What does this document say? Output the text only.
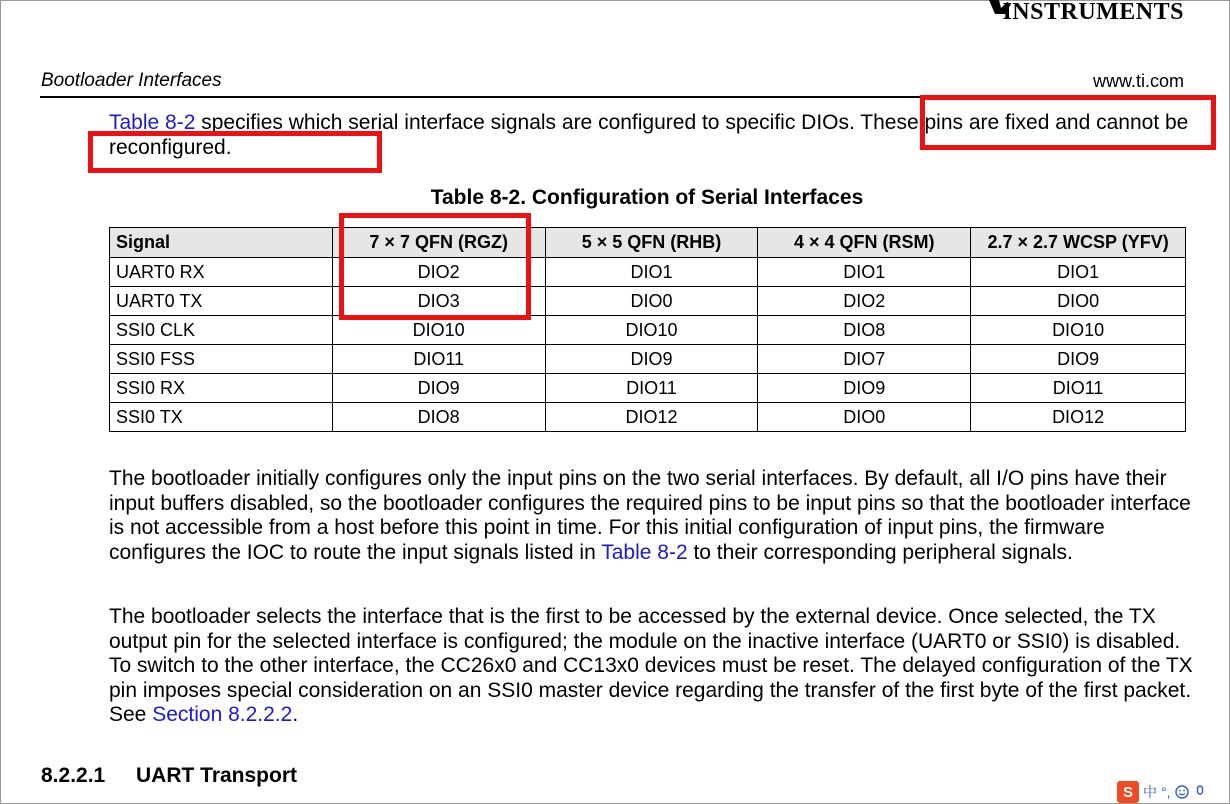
INSTRUMENTS
Bootloader Interfaces	www.ti.com
Table 8-2 specifies which serial interface signals are configured to specific DIOs. These pins are fixed and cannot be reconfigured.
Table 8-2. Configuration of Serial Interfaces
Signal	7 × 7 QFN (RGZ)	5 × 5 QFN (RHB)	4 × 4 QFN (RSM)	2.7 × 2.7 WCSP (YFV)
UART0 RX	DIO2	DIO1	DIO1	DIO1
UART0 TX	DIO3	DIO0	DIO2	DIO0
SSI0 CLK	DIO10	DIO10	DIO8	DIO10
SSI0 FSS	DIO11	DIO9	DIO7	DIO9
SSI0 RX	DIO9	DIO11	DIO9	DIO11
SSI0 TX	DIO8	DIO12	DIO0	DIO12
The bootloader initially configures only the input pins on the two serial interfaces. By default, all I/O pins have their input buffers disabled, so the bootloader configures the required pins to be input pins so that the bootloader interface is not accessible from a host before this point in time. For this initial configuration of input pins, the firmware configures the IOC to route the input signals listed in Table 8-2 to their corresponding peripheral signals.
The bootloader selects the interface that is the first to be accessed by the external device. Once selected, the TX output pin for the selected interface is configured; the module on the inactive interface (UART0 or SSI0) is disabled. To switch to the other interface, the CC26x0 and CC13x0 devices must be reset. The delayed configuration of the TX pin imposes special consideration on an SSI0 master device regarding the transfer of the first byte of the first packet. See Section 8.2.2.2.
8.2.2.1 UART Transport
S 中 °,
